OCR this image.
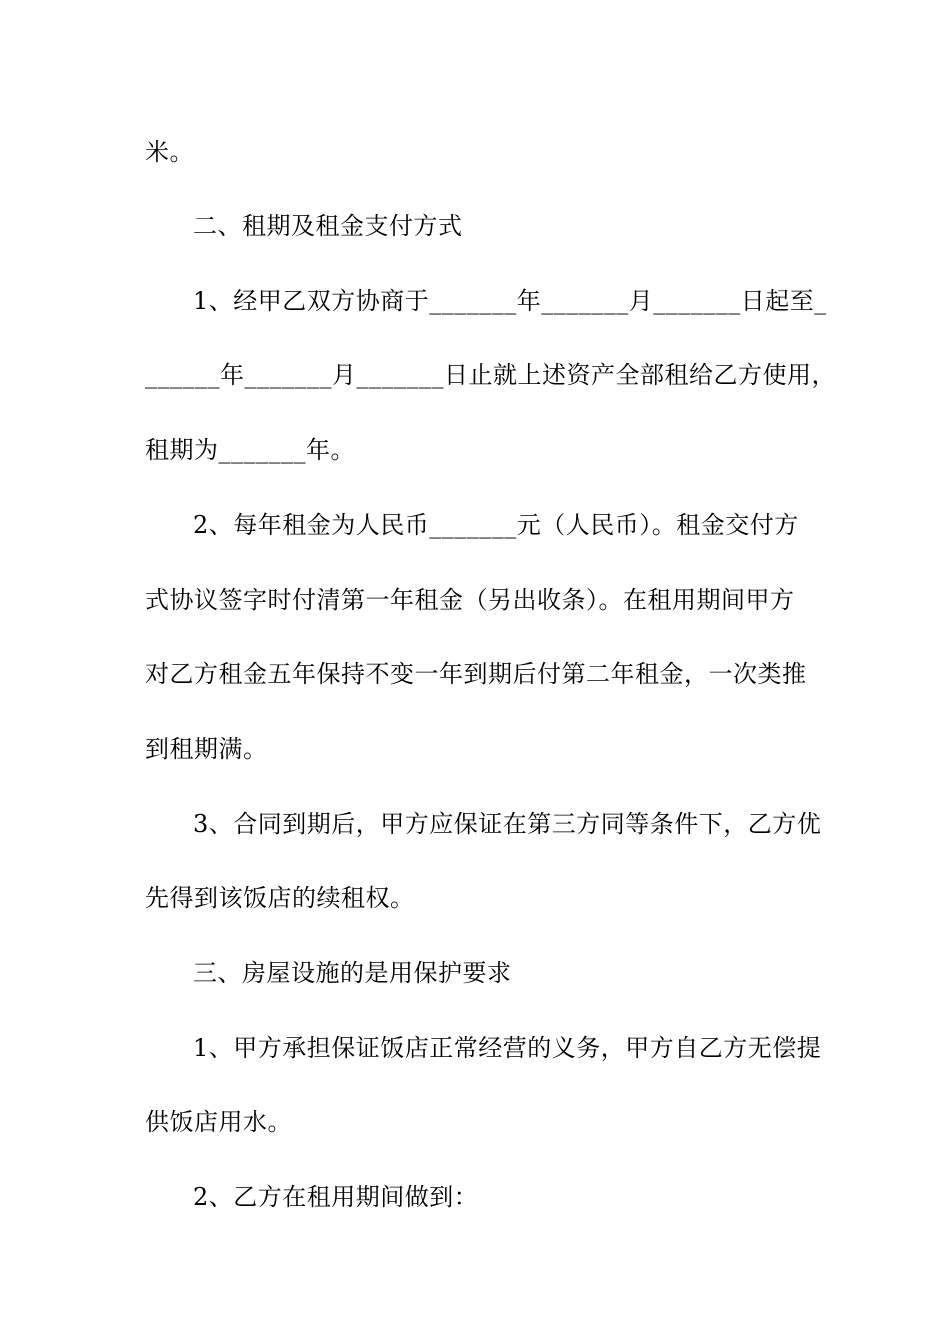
米。
二、租期及租金支付方式
1、经甲乙双方协商于_______年_______月_______日起至_
______年_______月_______日止就上述资产全部租给乙方使用，
租期为_______年。
2、每年租金为人民币_______元（人民币）。租金交付方
式协议签字时付清第一年租金（另出收条）。在租用期间甲方
对乙方租金五年保持不变一年到期后付第二年租金，一次类推
到租期满。
3、合同到期后，甲方应保证在第三方同等条件下，乙方优
先得到该饭店的续租权。
三、房屋设施的是用保护要求
1、甲方承担保证饭店正常经营的义务，甲方自乙方无偿提
供饭店用水。
2、乙方在租用期间做到：
